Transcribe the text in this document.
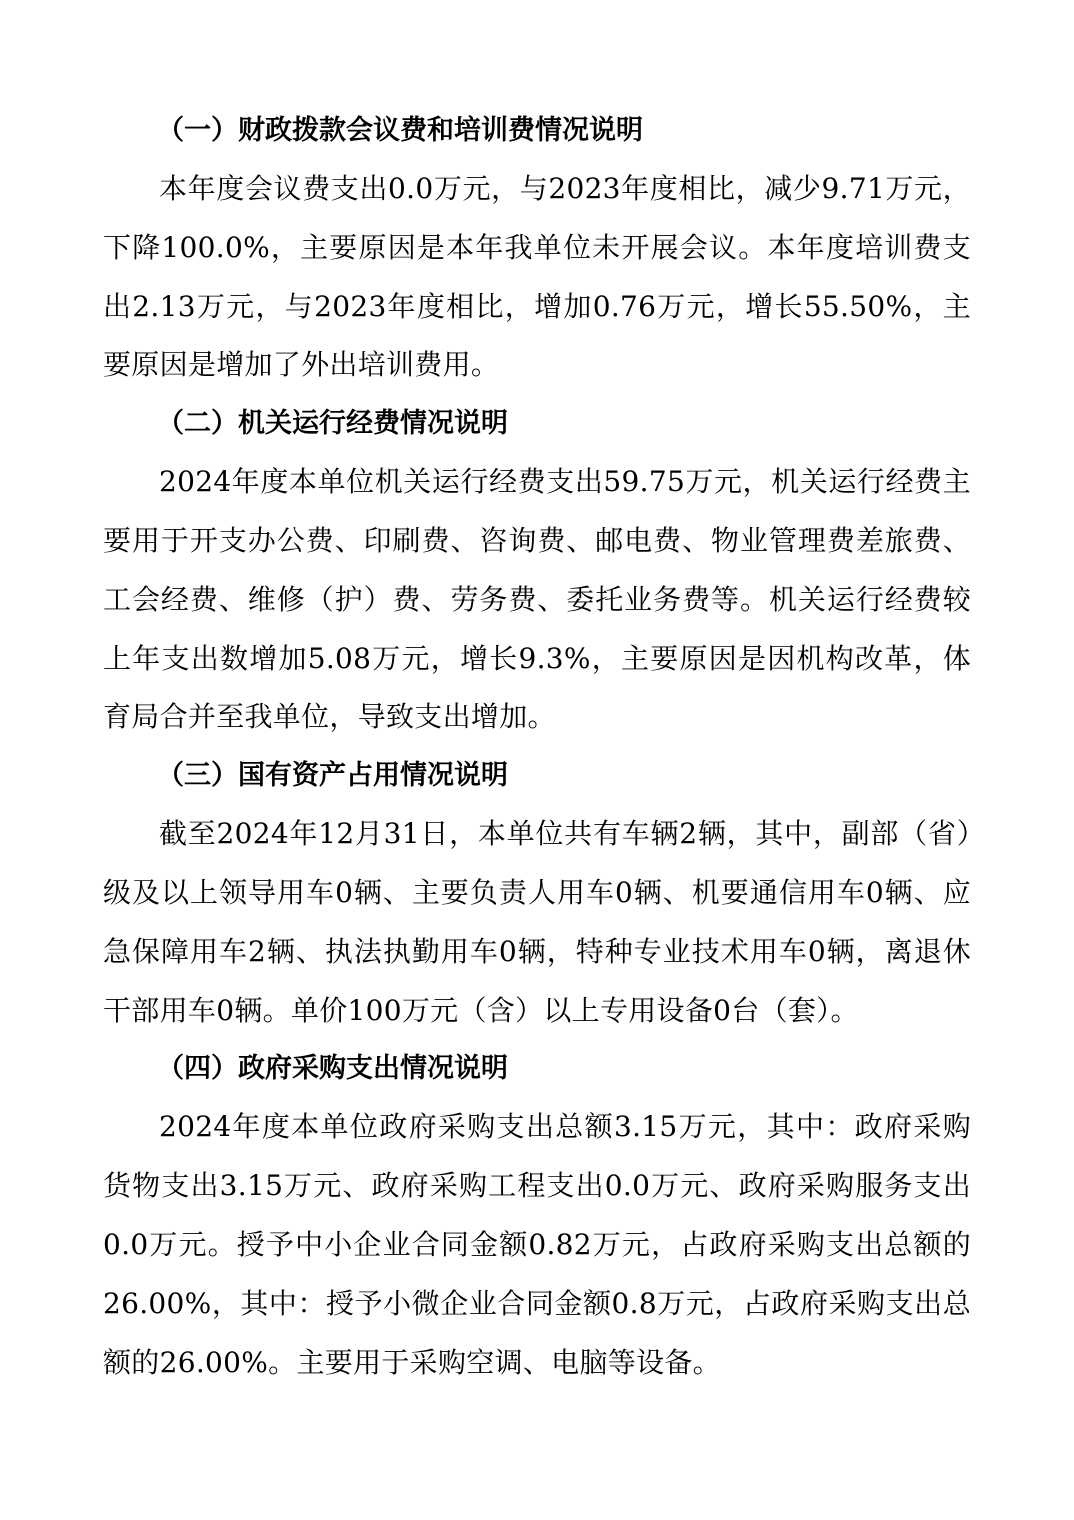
（一）财政拨款会议费和培训费情况说明

本年度会议费支出0.0万元，与2023年度相比，减少9.71万元，下降100.0%，主要原因是本年我单位未开展会议。本年度培训费支出2.13万元，与2023年度相比，增加0.76万元，增长55.50%，主要原因是增加了外出培训费用。

（二）机关运行经费情况说明

2024年度本单位机关运行经费支出59.75万元，机关运行经费主要用于开支办公费、印刷费、咨询费、邮电费、物业管理费差旅费、工会经费、维修（护）费、劳务费、委托业务费等。机关运行经费较上年支出数增加5.08万元，增长9.3%，主要原因是因机构改革，体育局合并至我单位，导致支出增加。

（三）国有资产占用情况说明

截至2024年12月31日，本单位共有车辆2辆，其中，副部（省）级及以上领导用车0辆、主要负责人用车0辆、机要通信用车0辆、应急保障用车2辆、执法执勤用车0辆，特种专业技术用车0辆，离退休干部用车0辆。单价100万元（含）以上专用设备0台（套）。

（四）政府采购支出情况说明

2024年度本单位政府采购支出总额3.15万元，其中：政府采购货物支出3.15万元、政府采购工程支出0.0万元、政府采购服务支出0.0万元。授予中小企业合同金额0.82万元，占政府采购支出总额的26.00%，其中：授予小微企业合同金额0.8万元，占政府采购支出总额的26.00%。主要用于采购空调、电脑等设备。
